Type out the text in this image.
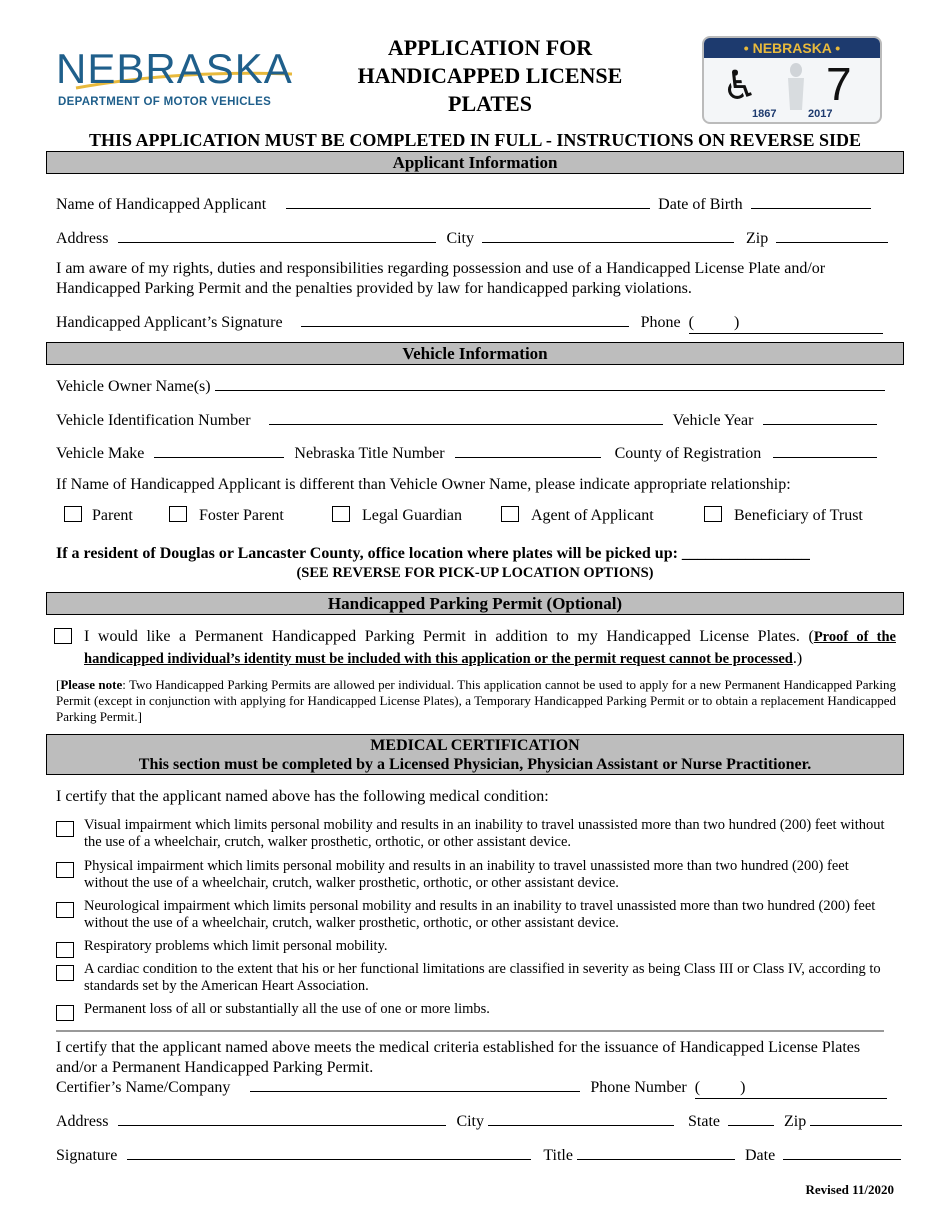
NEBRASKA
DEPARTMENT OF MOTOR VEHICLES
APPLICATION FOR
HANDICAPPED LICENSE
PLATES
• NEBRASKA •
♿ 7
1867	2017
THIS APPLICATION MUST BE COMPLETED IN FULL - INSTRUCTIONS ON REVERSE SIDE
Applicant Information
Name of Handicapped Applicant	Date of Birth
Address	City	Zip
I am aware of my rights, duties and responsibilities regarding possession and use of a Handicapped License Plate and/or Handicapped Parking Permit and the penalties provided by law for handicapped parking violations.
Handicapped Applicant’s Signature	Phone (          )
Vehicle Information
Vehicle Owner Name(s)
Vehicle Identification Number	Vehicle Year
Vehicle Make	Nebraska Title Number	County of Registration
If Name of Handicapped Applicant is different than Vehicle Owner Name, please indicate appropriate relationship:
Parent	Foster Parent	Legal Guardian	Agent of Applicant	Beneficiary of Trust
If a resident of Douglas or Lancaster County, office location where plates will be picked up: ________________
(SEE REVERSE FOR PICK-UP LOCATION OPTIONS)
Handicapped Parking Permit (Optional)
I would like a Permanent Handicapped Parking Permit in addition to my Handicapped License Plates. (Proof of the handicapped individual’s identity must be included with this application or the permit request cannot be processed.)
[Please note: Two Handicapped Parking Permits are allowed per individual. This application cannot be used to apply for a new Permanent Handicapped Parking Permit (except in conjunction with applying for Handicapped License Plates), a Temporary Handicapped Parking Permit or to obtain a replacement Handicapped Parking Permit.]
MEDICAL CERTIFICATION
This section must be completed by a Licensed Physician, Physician Assistant or Nurse Practitioner.
I certify that the applicant named above has the following medical condition:
Visual impairment which limits personal mobility and results in an inability to travel unassisted more than two hundred (200) feet without the use of a wheelchair, crutch, walker prosthetic, orthotic, or other assistant device.
Physical impairment which limits personal mobility and results in an inability to travel unassisted more than two hundred (200) feet without the use of a wheelchair, crutch, walker prosthetic, orthotic, or other assistant device.
Neurological impairment which limits personal mobility and results in an inability to travel unassisted more than two hundred (200) feet without the use of a wheelchair, crutch, walker prosthetic, orthotic, or other assistant device.
Respiratory problems which limit personal mobility.
A cardiac condition to the extent that his or her functional limitations are classified in severity as being Class III or Class IV, according to standards set by the American Heart Association.
Permanent loss of all or substantially all the use of one or more limbs.
I certify that the applicant named above meets the medical criteria established for the issuance of Handicapped License Plates and/or a Permanent Handicapped Parking Permit.
Certifier’s Name/Company	Phone Number (          )
Address	City	State	Zip
Signature	Title	Date
Revised 11/2020
